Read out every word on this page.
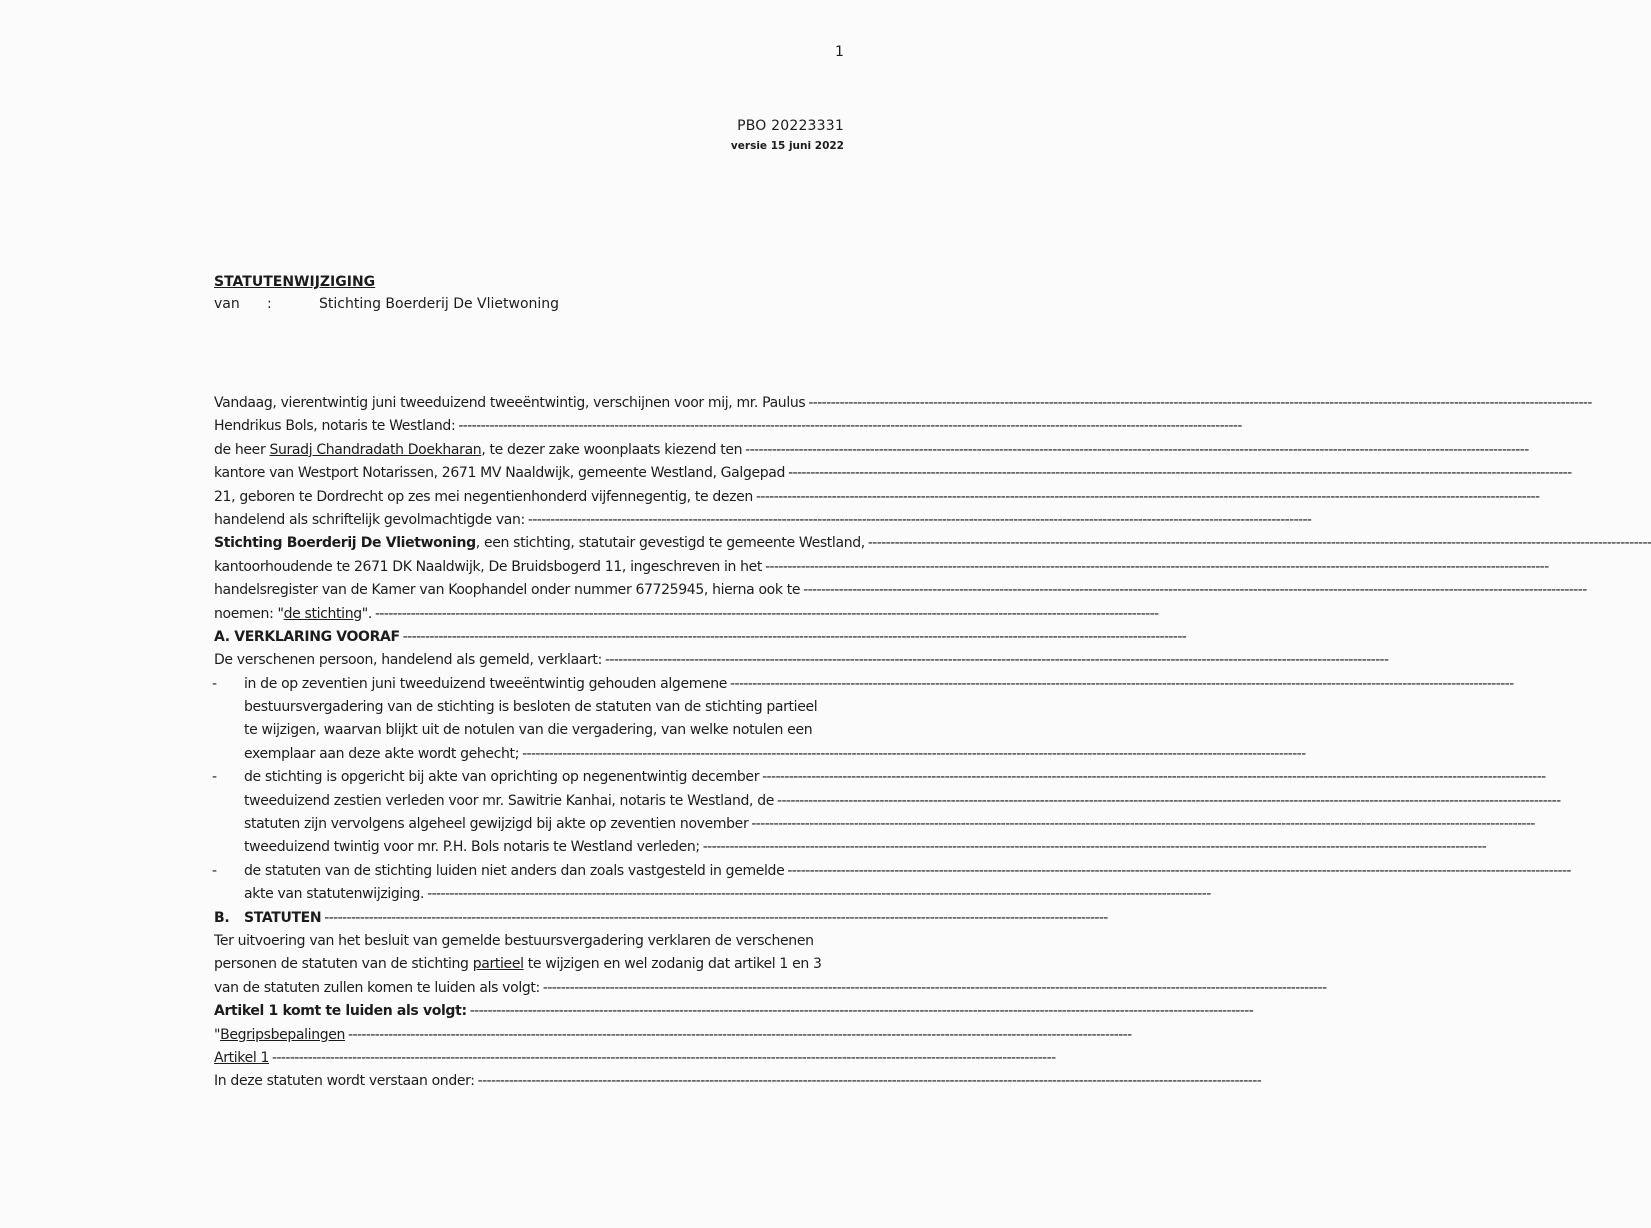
1
PBO 20223331
versie 15 juni 2022
STATUTENWIJZIGING
van	:	Stichting Boerderij De Vlietwoning
Vandaag, vierentwintig juni tweeduizend tweeëntwintig, verschijnen voor mij, mr. Paulus
-----
Hendrikus Bols, notaris te Westland:
-----
de heer Suradj Chandradath Doekharan, te dezer zake woonplaats kiezend ten
-----
kantore van Westport Notarissen, 2671 MV Naaldwijk, gemeente Westland, Galgepad
-----
21, geboren te Dordrecht op zes mei negentienhonderd vijfennegentig, te dezen
-----
handelend als schriftelijk gevolmachtigde van:
-----
Stichting Boerderij De Vlietwoning, een stichting, statutair gevestigd te gemeente Westland,
-----
kantoorhoudende te 2671 DK Naaldwijk, De Bruidsbogerd 11, ingeschreven in het
-----
handelsregister van de Kamer van Koophandel onder nummer 67725945, hierna ook te
-----
noemen: "de stichting".
-----
A. VERKLARING VOORAF
-----
De verschenen persoon, handelend als gemeld, verklaart:
-----
- in de op zeventien juni tweeduizend tweeëntwintig gehouden algemene
-----
bestuursvergadering van de stichting is besloten de statuten van de stichting partieel
te wijzigen, waarvan blijkt uit de notulen van die vergadering, van welke notulen een
exemplaar aan deze akte wordt gehecht;
-----
- de stichting is opgericht bij akte van oprichting op negenentwintig december
-----
tweeduizend zestien verleden voor mr. Sawitrie Kanhai, notaris te Westland, de
-----
statuten zijn vervolgens algeheel gewijzigd bij akte op zeventien november
-----
tweeduizend twintig voor mr. P.H. Bols notaris te Westland verleden;
-----
- de statuten van de stichting luiden niet anders dan zoals vastgesteld in gemelde
-----
akte van statutenwijziging.
-----
B. STATUTEN
-----
Ter uitvoering van het besluit van gemelde bestuursvergadering verklaren de verschenen
personen de statuten van de stichting partieel te wijzigen en wel zodanig dat artikel 1 en 3
van de statuten zullen komen te luiden als volgt:
-----
Artikel 1 komt te luiden als volgt:
-----
"Begripsbepalingen
-----
Artikel 1
-----
In deze statuten wordt verstaan onder:
-----
